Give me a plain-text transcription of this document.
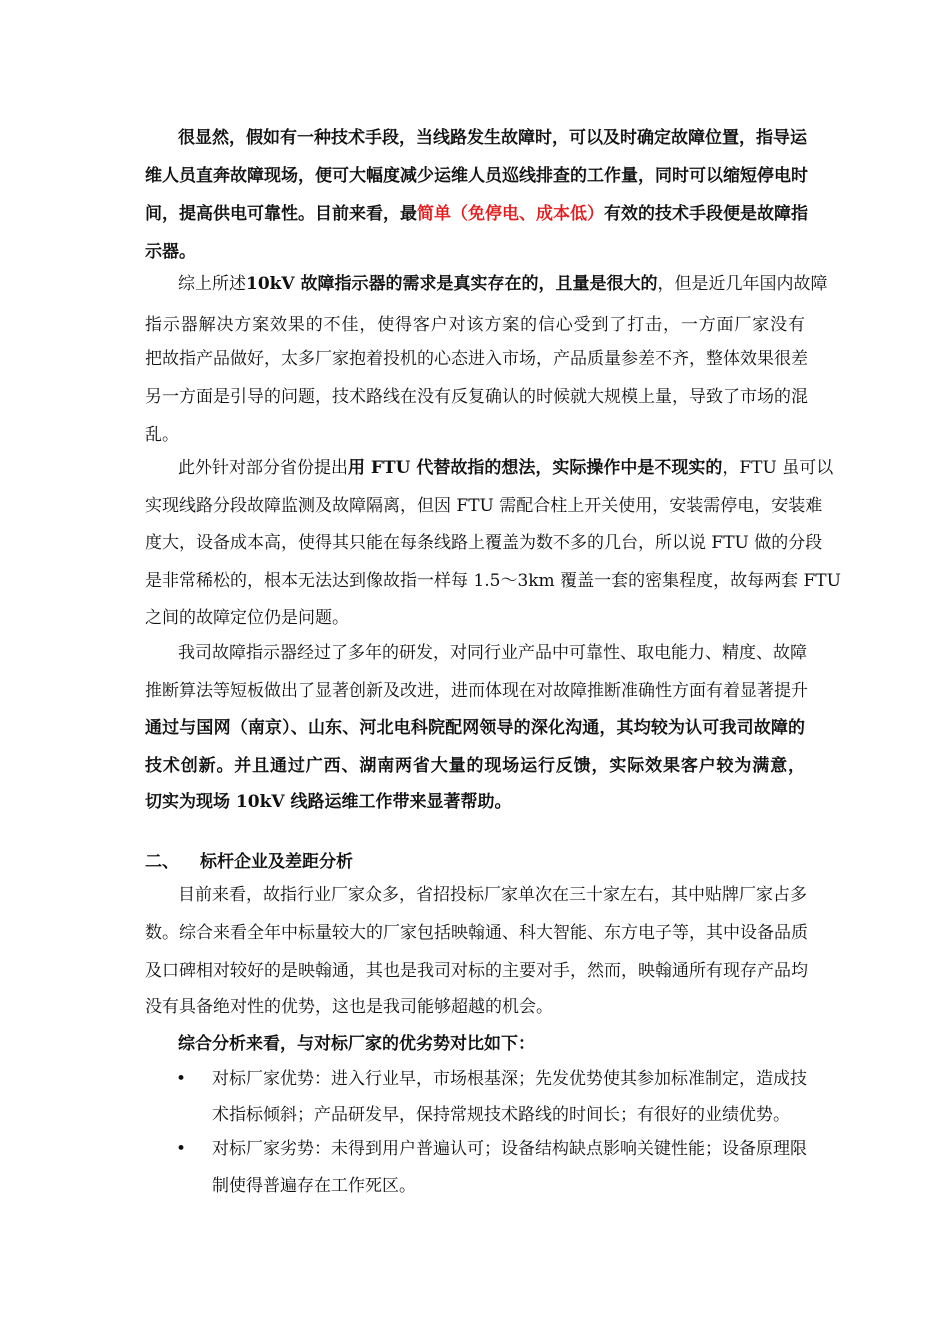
很显然，假如有一种技术手段，当线路发生故障时，可以及时确定故障位置，指导运
维人员直奔故障现场，便可大幅度减少运维人员巡线排查的工作量，同时可以缩短停电时
间，提高供电可靠性。目前来看，最简单（免停电、成本低）有效的技术手段便是故障指
示器。
综上所述10kV 故障指示器的需求是真实存在的，且量是很大的，但是近几年国内故障
指示器解决方案效果的不佳，使得客户对该方案的信心受到了打击，一方面厂家没有
把故指产品做好，太多厂家抱着投机的心态进入市场，产品质量参差不齐，整体效果很差
另一方面是引导的问题，技术路线在没有反复确认的时候就大规模上量，导致了市场的混
乱。
此外针对部分省份提出用 FTU 代替故指的想法，实际操作中是不现实的，FTU 虽可以
实现线路分段故障监测及故障隔离，但因 FTU 需配合柱上开关使用，安装需停电，安装难
度大，设备成本高，使得其只能在每条线路上覆盖为数不多的几台，所以说 FTU 做的分段
是非常稀松的，根本无法达到像故指一样每 1.5～3km 覆盖一套的密集程度，故每两套 FTU
之间的故障定位仍是问题。
我司故障指示器经过了多年的研发，对同行业产品中可靠性、取电能力、精度、故障
推断算法等短板做出了显著创新及改进，进而体现在对故障推断准确性方面有着显著提升
通过与国网（南京）、山东、河北电科院配网领导的深化沟通，其均较为认可我司故障的
技术创新。并且通过广西、湖南两省大量的现场运行反馈，实际效果客户较为满意，
切实为现场 10kV 线路运维工作带来显著帮助。
二、 标杆企业及差距分析
目前来看，故指行业厂家众多，省招投标厂家单次在三十家左右，其中贴牌厂家占多
数。综合来看全年中标量较大的厂家包括映翰通、科大智能、东方电子等，其中设备品质
及口碑相对较好的是映翰通，其也是我司对标的主要对手，然而，映翰通所有现存产品均
没有具备绝对性的优势，这也是我司能够超越的机会。
综合分析来看，与对标厂家的优劣势对比如下：
• 对标厂家优势：进入行业早，市场根基深；先发优势使其参加标准制定，造成技
术指标倾斜；产品研发早，保持常规技术路线的时间长；有很好的业绩优势。
• 对标厂家劣势：未得到用户普遍认可；设备结构缺点影响关键性能；设备原理限
制使得普遍存在工作死区。
